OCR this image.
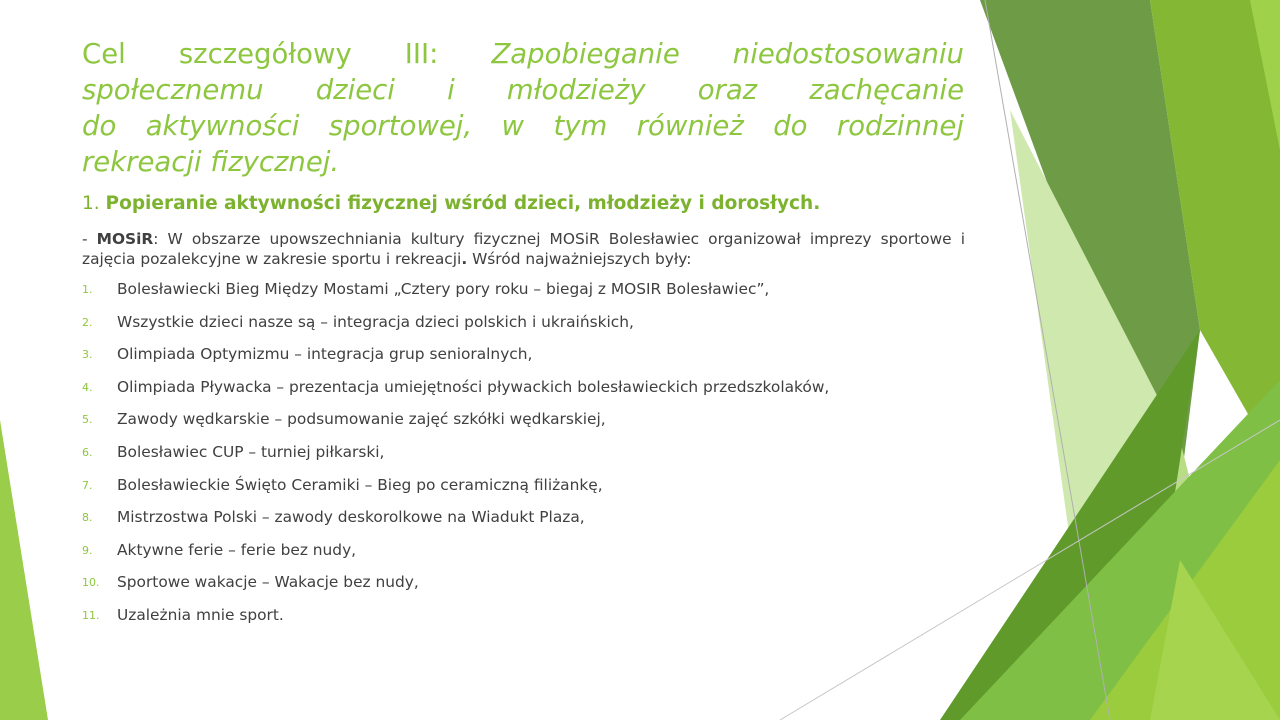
Cel szczegółowy III: Zapobieganie niedostosowaniu
społecznemu dzieci i młodzieży oraz zachęcanie
do aktywności sportowej, w tym również do rodzinnej
rekreacji fizycznej.

1. Popieranie aktywności fizycznej wśród dzieci, młodzieży i dorosłych.

- MOSiR: W obszarze upowszechniania kultury fizycznej MOSiR Bolesławiec organizował imprezy sportowe i zajęcia pozalekcyjne w zakresie sportu i rekreacji. Wśród najważniejszych były:

1. Bolesławiecki Bieg Między Mostami „Cztery pory roku – biegaj z MOSIR Bolesławiec”,
2. Wszystkie dzieci nasze są – integracja dzieci polskich i ukraińskich,
3. Olimpiada Optymizmu – integracja grup senioralnych,
4. Olimpiada Pływacka – prezentacja umiejętności pływackich bolesławieckich przedszkolaków,
5. Zawody wędkarskie – podsumowanie zajęć szkółki wędkarskiej,
6. Bolesławiec CUP – turniej piłkarski,
7. Bolesławieckie Święto Ceramiki – Bieg po ceramiczną filiżankę,
8. Mistrzostwa Polski – zawody deskorolkowe na Wiadukt Plaza,
9. Aktywne ferie – ferie bez nudy,
10. Sportowe wakacje – Wakacje bez nudy,
11. Uzależnia mnie sport.
